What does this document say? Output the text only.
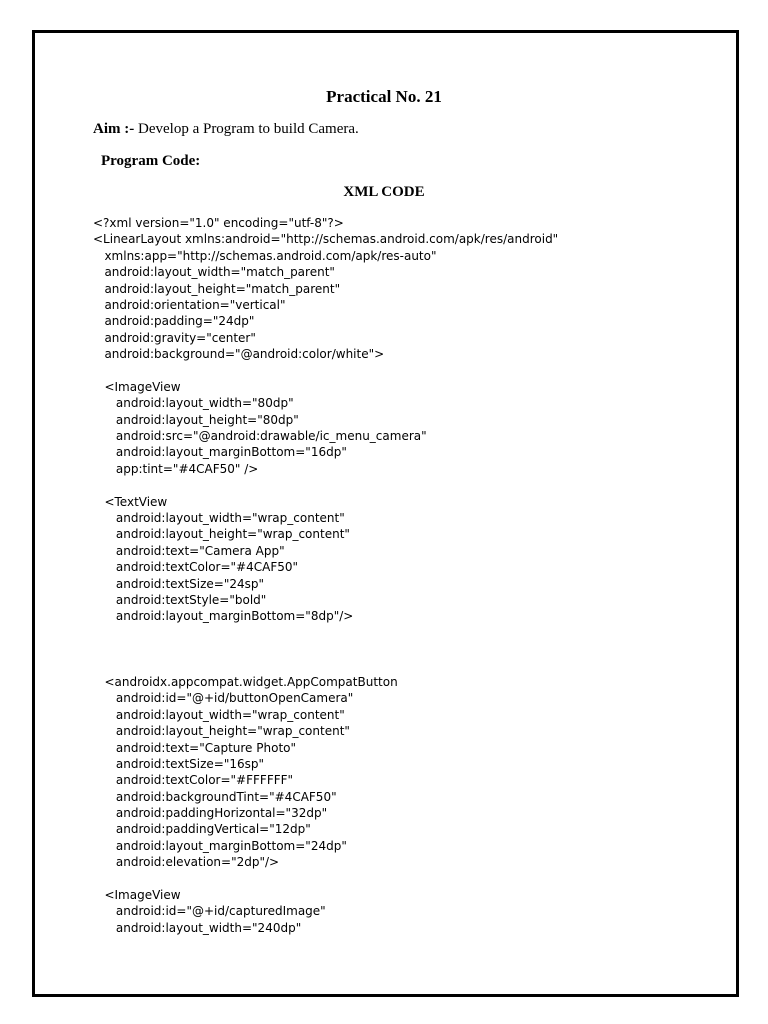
Practical No. 21
Aim :- Develop a Program to build Camera.
Program Code:
XML CODE
<?xml version="1.0" encoding="utf-8"?>
<LinearLayout xmlns:android="http://schemas.android.com/apk/res/android"
xmlns:app="http://schemas.android.com/apk/res-auto"
android:layout_width="match_parent"
android:layout_height="match_parent"
android:orientation="vertical"
android:padding="24dp"
android:gravity="center"
android:background="@android:color/white">
<ImageView
android:layout_width="80dp"
android:layout_height="80dp"
android:src="@android:drawable/ic_menu_camera"
android:layout_marginBottom="16dp"
app:tint="#4CAF50" />
<TextView
android:layout_width="wrap_content"
android:layout_height="wrap_content"
android:text="Camera App"
android:textColor="#4CAF50"
android:textSize="24sp"
android:textStyle="bold"
android:layout_marginBottom="8dp"/>
<androidx.appcompat.widget.AppCompatButton
android:id="@+id/buttonOpenCamera"
android:layout_width="wrap_content"
android:layout_height="wrap_content"
android:text="Capture Photo"
android:textSize="16sp"
android:textColor="#FFFFFF"
android:backgroundTint="#4CAF50"
android:paddingHorizontal="32dp"
android:paddingVertical="12dp"
android:layout_marginBottom="24dp"
android:elevation="2dp"/>
<ImageView
android:id="@+id/capturedImage"
android:layout_width="240dp"
